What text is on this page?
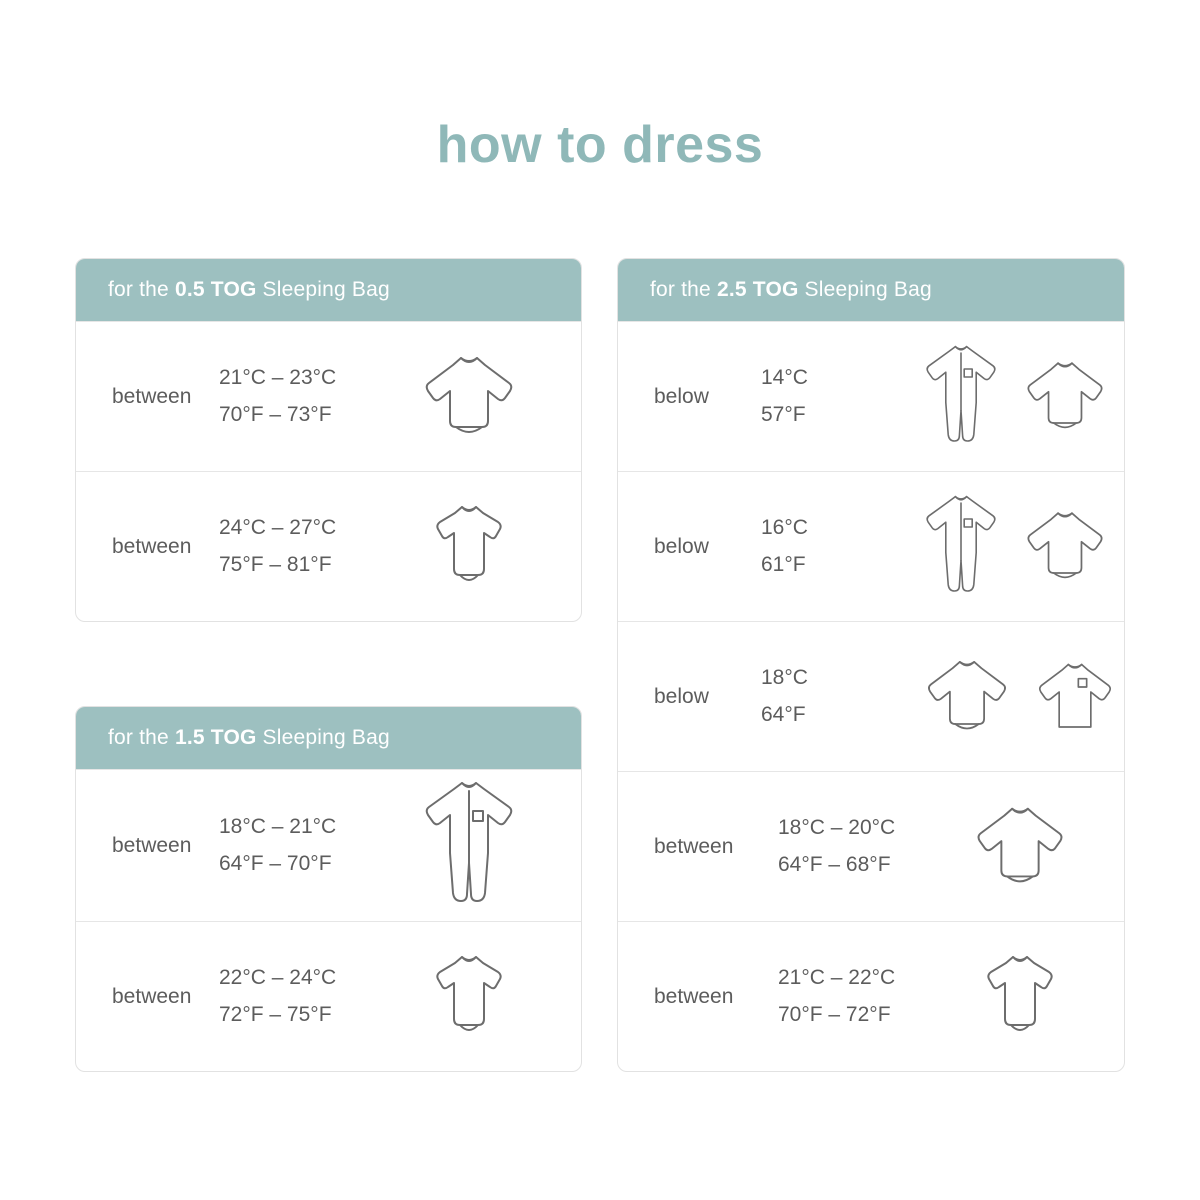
how to dress
for the 0.5 TOG Sleeping Bag
between
21°C – 23°C
70°F – 73°F
between
24°C – 27°C
75°F – 81°F
for the 1.5 TOG Sleeping Bag
between
18°C – 21°C
64°F – 70°F
between
22°C – 24°C
72°F – 75°F
for the 2.5 TOG Sleeping Bag
below
14°C
57°F
below
16°C
61°F
below
18°C
64°F
between
18°C – 20°C
64°F – 68°F
between
21°C – 22°C
70°F – 72°F
